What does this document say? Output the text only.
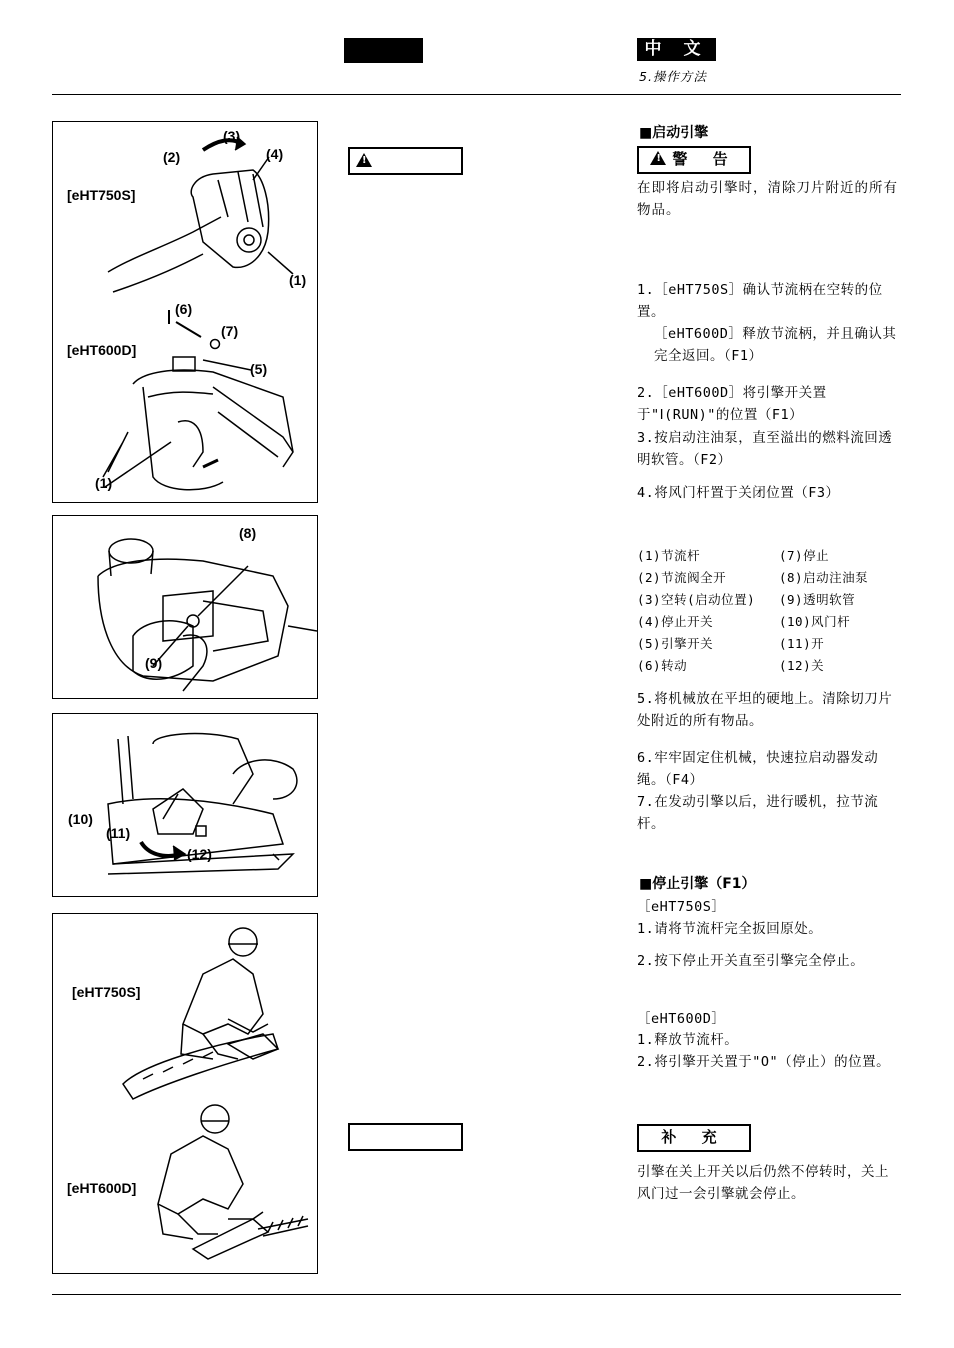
中 文
5.操作方法
[eHT750S]
[eHT600D]
(1)
(2)
(3)
(4)
(5)
(6)
(7)
(1)
(8)
(9)
(10)
(11)
(12)
[eHT750S]
[eHT600D]
!
■启动引擎
!警 告
在即将启动引擎时，清除刀片附近的所有物品。
1.［eHT750S］确认节流柄在空转的位置。
［eHT600D］释放节流柄，并且确认其完全返回。（F1）
2.［eHT600D］将引擎开关置于"Ⅰ(RUN)"的位置（F1）
3.按启动注油泵，直至溢出的燃料流回透明软管。（F2）
4.将风门杆置于关闭位置（F3）
(1)节流杆
(2)节流阀全开
(3)空转(启动位置)
(4)停止开关
(5)引擎开关
(6)转动
(7)停止
(8)启动注油泵
(9)透明软管
(10)风门杆
(11)开
(12)关
5.将机械放在平坦的硬地上。清除切刀片处附近的所有物品。
6.牢牢固定住机械，快速拉启动器发动绳。（F4）
7.在发动引擎以后，进行暖机，拉节流杆。
■停止引擎（F1）
［eHT750S］
1.请将节流杆完全扳回原处。
2.按下停止开关直至引擎完全停止。
［eHT600D］
1.释放节流杆。
2.将引擎开关置于"O"（停止）的位置。
补 充
引擎在关上开关以后仍然不停转时，关上风门过一会引擎就会停止。
